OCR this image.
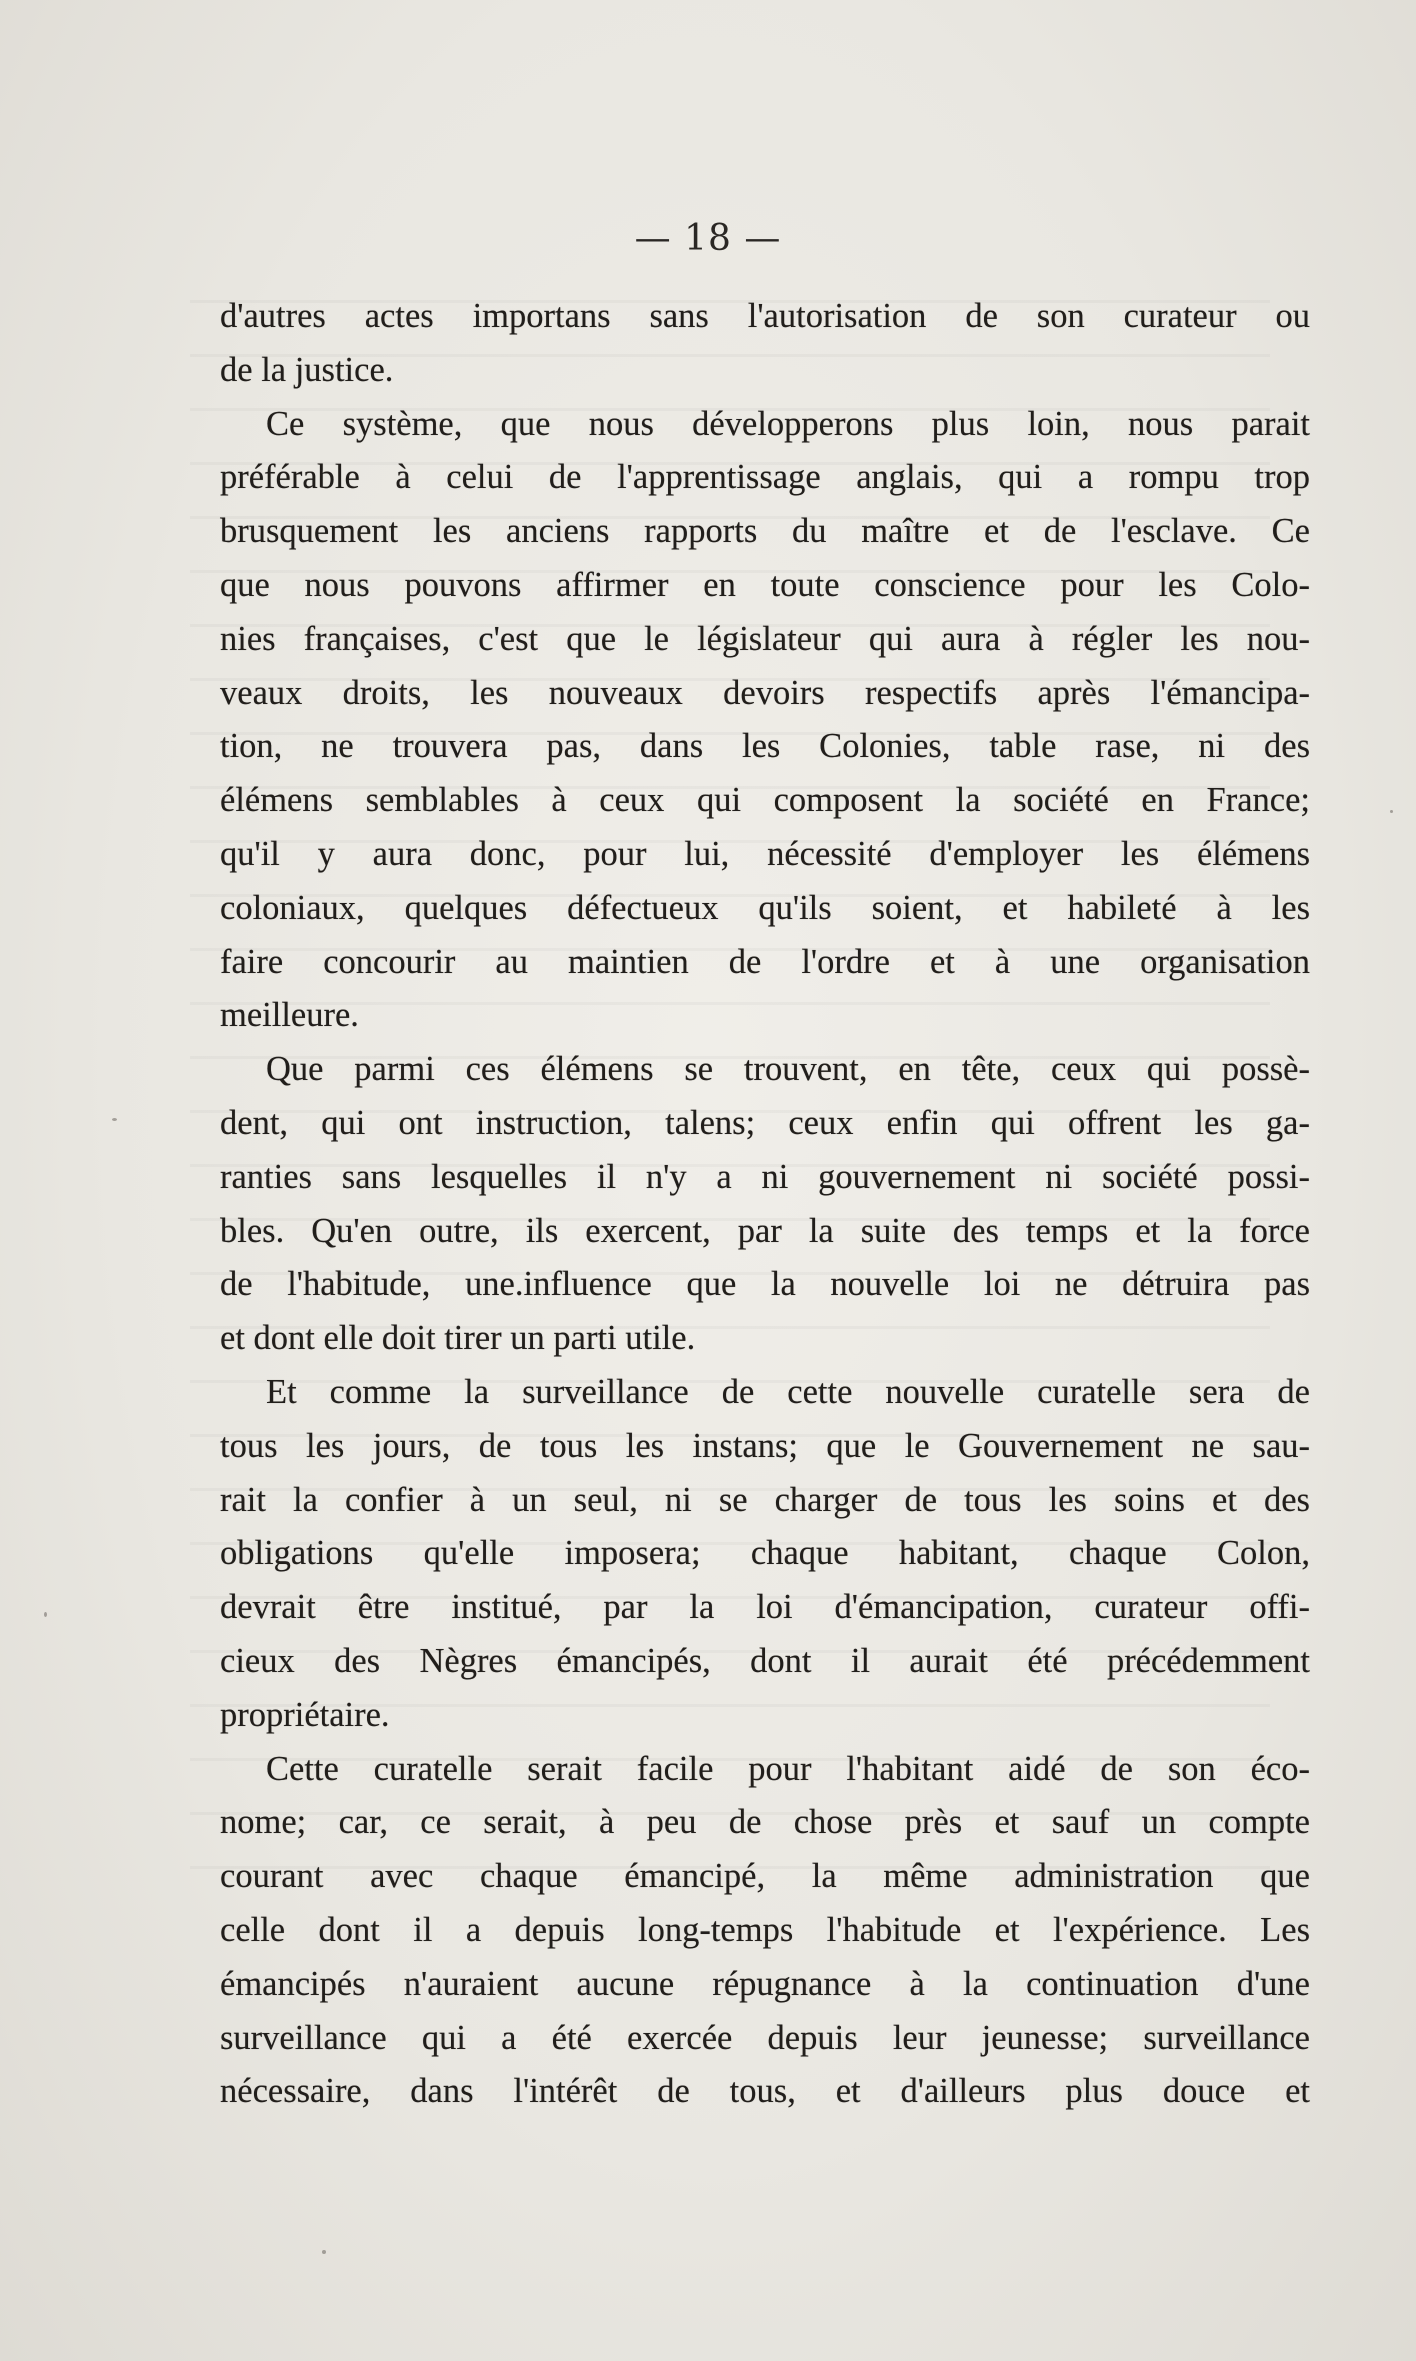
— 18 —
d'autres actes importans sans l'autorisation de son curateur ou
de la justice.
Ce système, que nous développerons plus loin, nous parait
préférable à celui de l'apprentissage anglais, qui a rompu trop
brusquement les anciens rapports du maître et de l'esclave. Ce
que nous pouvons affirmer en toute conscience pour les Colo-
nies françaises, c'est que le législateur qui aura à régler les nou-
veaux droits, les nouveaux devoirs respectifs après l'émancipa-
tion, ne trouvera pas, dans les Colonies, table rase, ni des
élémens semblables à ceux qui composent la société en France;
qu'il y aura donc, pour lui, nécessité d'employer les élémens
coloniaux, quelques défectueux qu'ils soient, et habileté à les
faire concourir au maintien de l'ordre et à une organisation
meilleure.
Que parmi ces élémens se trouvent, en tête, ceux qui possè-
dent, qui ont instruction, talens; ceux enfin qui offrent les ga-
ranties sans lesquelles il n'y a ni gouvernement ni société possi-
bles. Qu'en outre, ils exercent, par la suite des temps et la force
de l'habitude, une.influence que la nouvelle loi ne détruira pas
et dont elle doit tirer un parti utile.
Et comme la surveillance de cette nouvelle curatelle sera de
tous les jours, de tous les instans; que le Gouvernement ne sau-
rait la confier à un seul, ni se charger de tous les soins et des
obligations qu'elle imposera; chaque habitant, chaque Colon,
devrait être institué, par la loi d'émancipation, curateur offi-
cieux des Nègres émancipés, dont il aurait été précédemment
propriétaire.
Cette curatelle serait facile pour l'habitant aidé de son éco-
nome; car, ce serait, à peu de chose près et sauf un compte
courant avec chaque émancipé, la même administration que
celle dont il a depuis long-temps l'habitude et l'expérience. Les
émancipés n'auraient aucune répugnance à la continuation d'une
surveillance qui a été exercée depuis leur jeunesse; surveillance
nécessaire, dans l'intérêt de tous, et d'ailleurs plus douce et
